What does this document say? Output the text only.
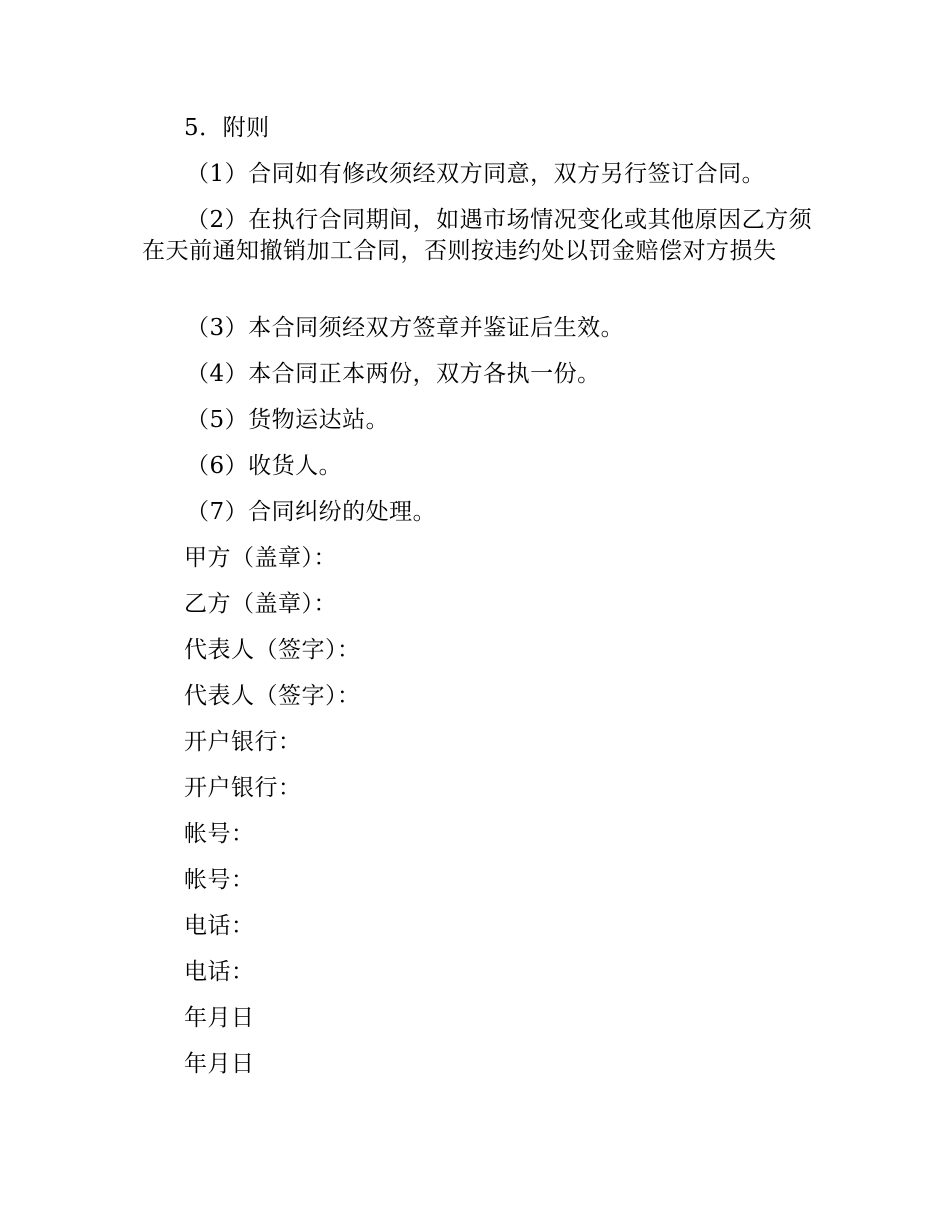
5．附则
（1）合同如有修改须经双方同意，双方另行签订合同。
（2）在执行合同期间，如遇市场情况变化或其他原因乙方须在天前通知撤销加工合同，否则按违约处以罚金赔偿对方损失
（3）本合同须经双方签章并鉴证后生效。
（4）本合同正本两份，双方各执一份。
（5）货物运达站。
（6）收货人。
（7）合同纠纷的处理。
甲方（盖章）：
乙方（盖章）：
代表人（签字）：
代表人（签字）：
开户银行：
开户银行：
帐号：
帐号：
电话：
电话：
年月日
年月日
